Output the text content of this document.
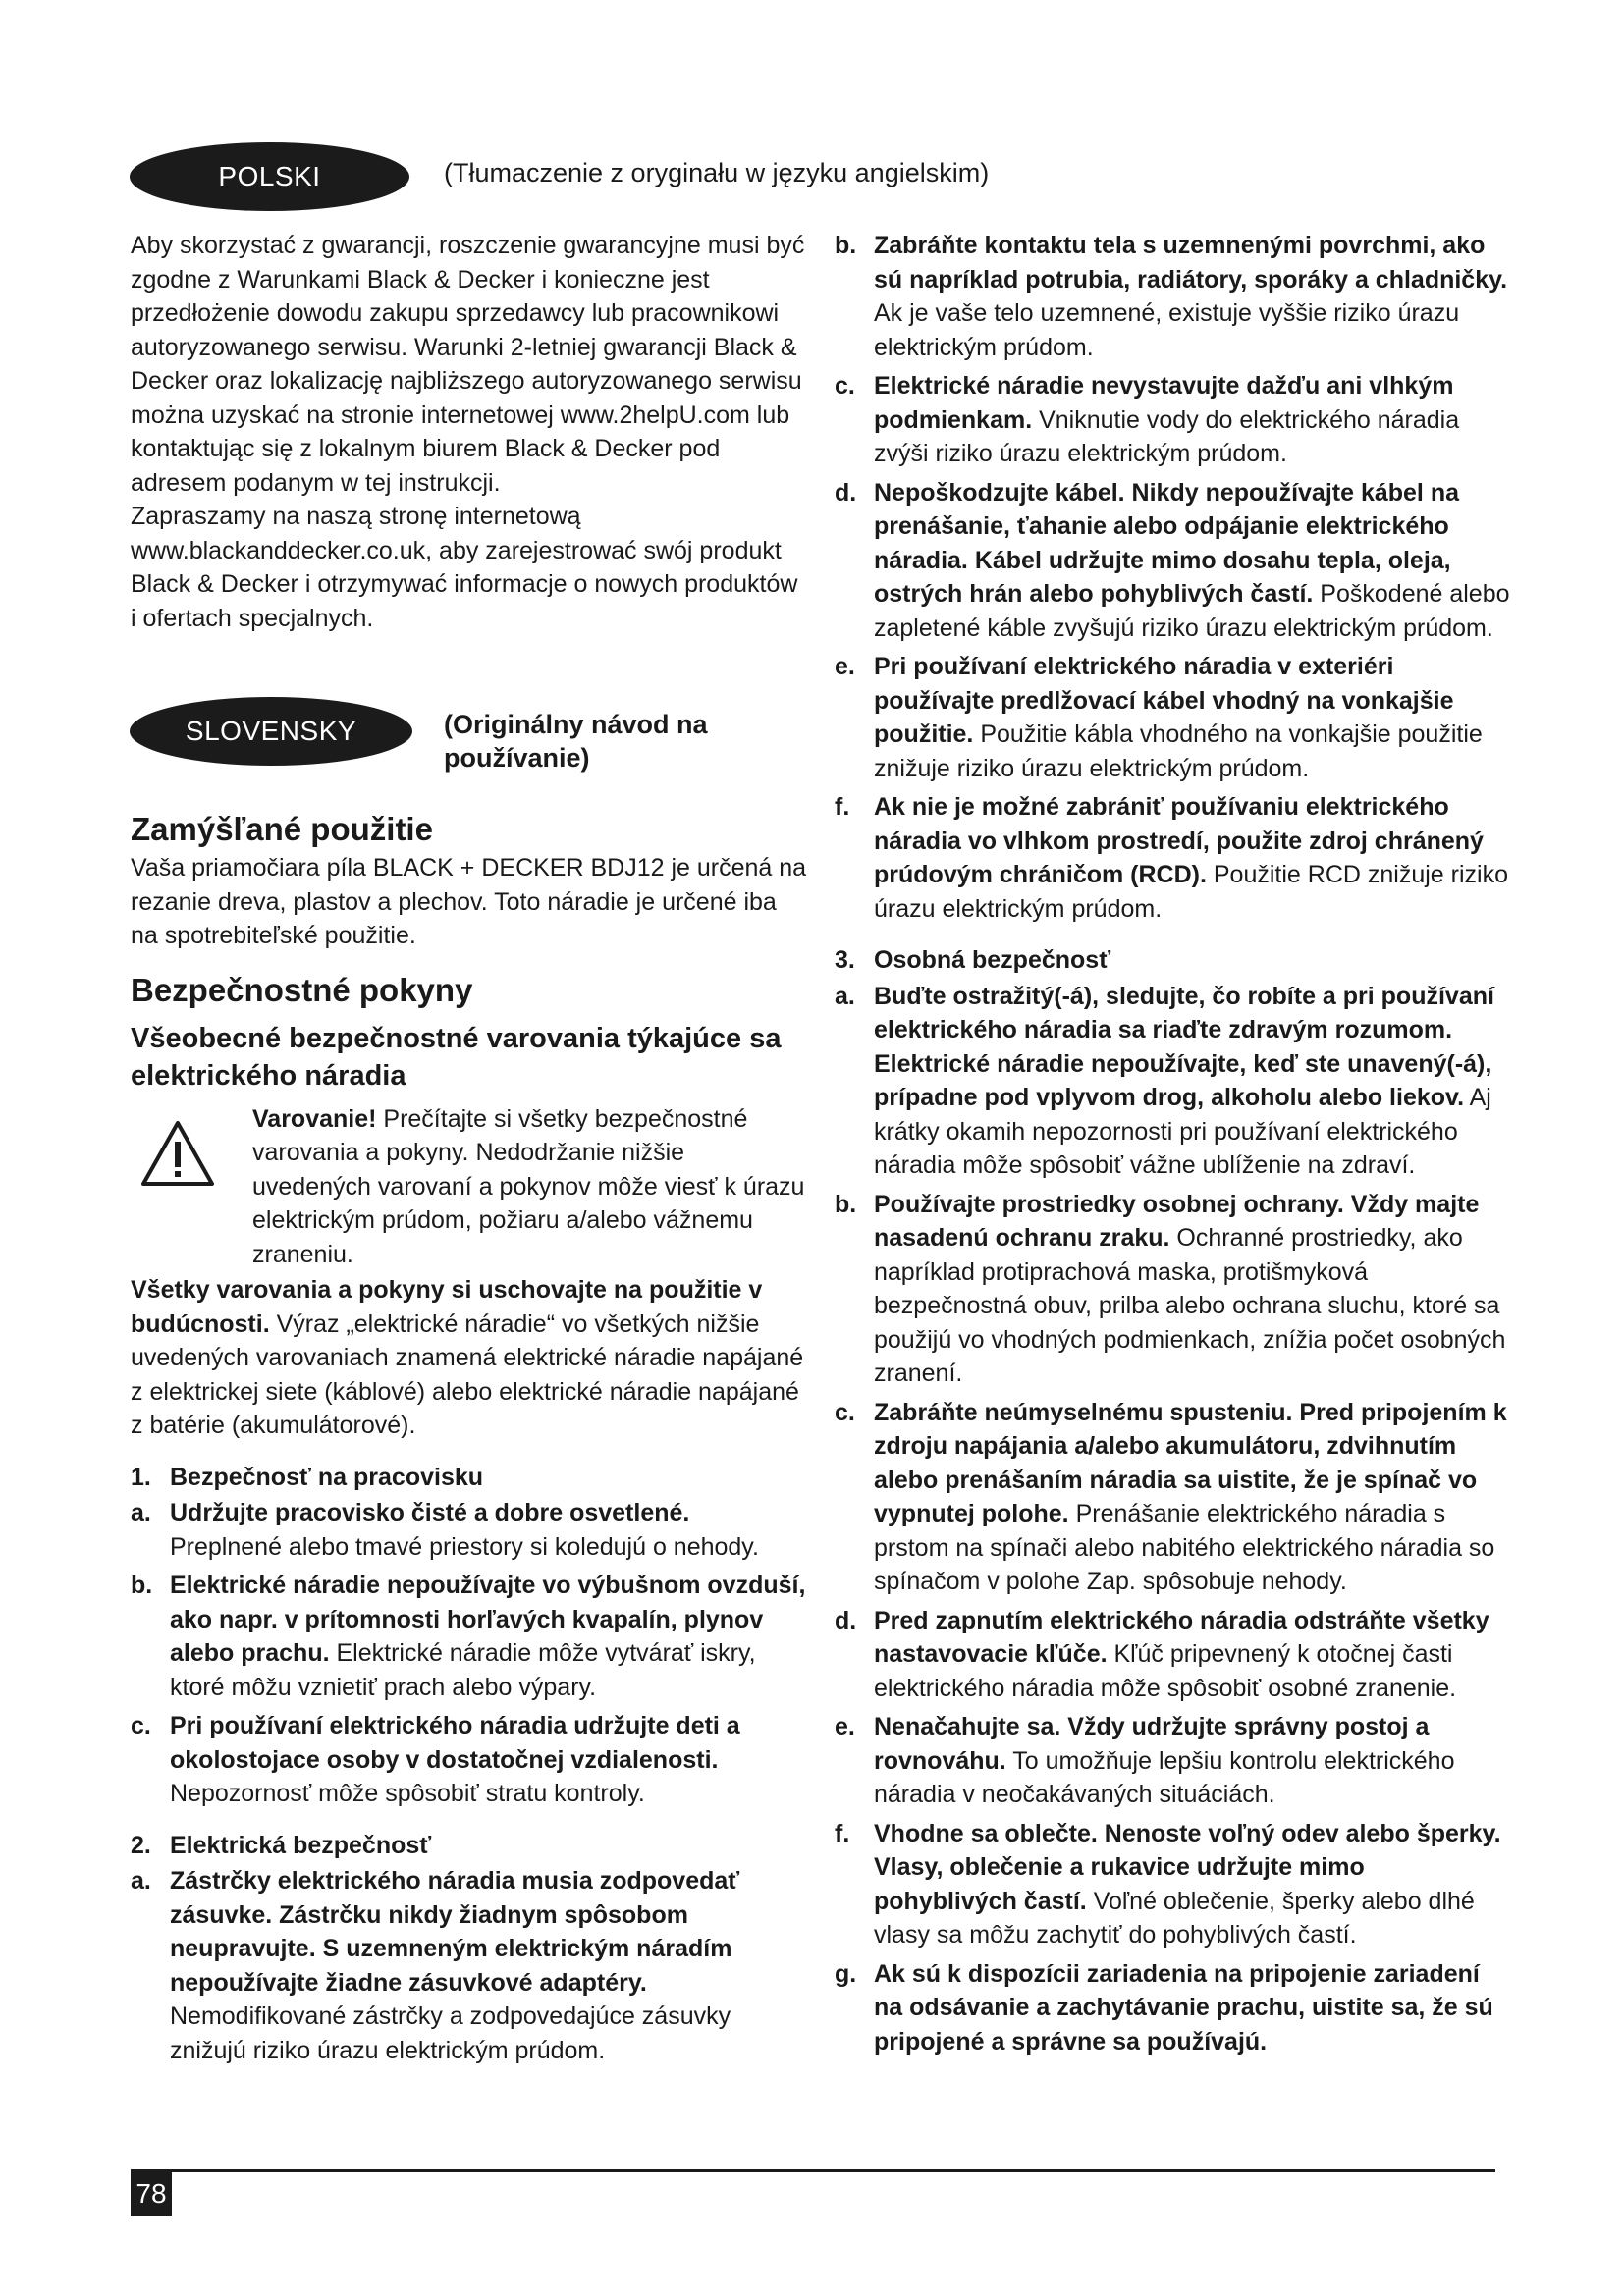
POLSKI	(Tłumaczenie z oryginału w języku angielskim)
SLOVENSKY	(Originálny návod na používanie)

Aby skorzystać z gwarancji, roszczenie gwarancyjne musi być zgodne z Warunkami Black & Decker i konieczne jest przedłożenie dowodu zakupu sprzedawcy lub pracownikowi autoryzowanego serwisu. Warunki 2-letniej gwarancji Black & Decker oraz lokalizację najbliższego autoryzowanego serwisu można uzyskać na stronie internetowej www.2helpU.com lub kontaktując się z lokalnym biurem Black & Decker pod adresem podanym w tej instrukcji.

Zapraszamy na naszą stronę internetową www.blackanddecker.co.uk, aby zarejestrować swój produkt Black & Decker i otrzymywać informacje o nowych produktów i ofertach specjalnych.

Zamýšľané použitie

Vaša priamočiara píla BLACK + DECKER BDJ12 je určená na rezanie dreva, plastov a plechov. Toto náradie je určené iba na spotrebiteľské použitie.

Bezpečnostné pokyny
Všeobecné bezpečnostné varovania týkajúce sa elektrického náradia

Varovanie! Prečítajte si všetky bezpečnostné varovania a pokyny. Nedodržanie nižšie uvedených varovaní a pokynov môže viesť k úrazu elektrickým prúdom, požiaru a/alebo vážnemu zraneniu.

Všetky varovania a pokyny si uschovajte na použitie v budúcnosti. Výraz „elektrické náradie“ vo všetkých nižšie uvedených varovaniach znamená elektrické náradie napájané z elektrickej siete (káblové) alebo elektrické náradie napájané z batérie (akumulátorové).

1. Bezpečnosť na pracovisku
a. Udržujte pracovisko čisté a dobre osvetlené. Preplnené alebo tmavé priestory si koledujú o nehody.
b. Elektrické náradie nepoužívajte vo výbušnom ovzduší, ako napr. v prítomnosti horľavých kvapalín, plynov alebo prachu. Elektrické náradie môže vytvárať iskry, ktoré môžu vznietiť prach alebo výpary.
c. Pri používaní elektrického náradia udržujte deti a okolostojace osoby v dostatočnej vzdialenosti. Nepozornosť môže spôsobiť stratu kontroly.
2. Elektrická bezpečnosť
a. Zástrčky elektrického náradia musia zodpovedať zásuvke. Zástrčku nikdy žiadnym spôsobom neupravujte. S uzemneným elektrickým náradím nepoužívajte žiadne zásuvkové adaptéry. Nemodifikované zástrčky a zodpovedajúce zásuvky znižujú riziko úrazu elektrickým prúdom.
b. Zabráňte kontaktu tela s uzemnenými povrchmi, ako sú napríklad potrubia, radiátory, sporáky a chladničky. Ak je vaše telo uzemnené, existuje vyššie riziko úrazu elektrickým prúdom.
c. Elektrické náradie nevystavujte dažďu ani vlhkým podmienkam. Vniknutie vody do elektrického náradia zvýši riziko úrazu elektrickým prúdom.
d. Nepoškodzujte kábel. Nikdy nepoužívajte kábel na prenášanie, ťahanie alebo odpájanie elektrického náradia. Kábel udržujte mimo dosahu tepla, oleja, ostrých hrán alebo pohyblivých častí. Poškodené alebo zapletené káble zvyšujú riziko úrazu elektrickým prúdom.
e. Pri používaní elektrického náradia v exteriéri používajte predlžovací kábel vhodný na vonkajšie použitie. Použitie kábla vhodného na vonkajšie použitie znižuje riziko úrazu elektrickým prúdom.
f. Ak nie je možné zabrániť používaniu elektrického náradia vo vlhkom prostredí, použite zdroj chránený prúdovým chráničom (RCD). Použitie RCD znižuje riziko úrazu elektrickým prúdom.
3. Osobná bezpečnosť
a. Buďte ostražitý(-á), sledujte, čo robíte a pri používaní elektrického náradia sa riaďte zdravým rozumom. Elektrické náradie nepoužívajte, keď ste unavený(-á), prípadne pod vplyvom drog, alkoholu alebo liekov. Aj krátky okamih nepozornosti pri používaní elektrického náradia môže spôsobiť vážne ublíženie na zdraví.
b. Používajte prostriedky osobnej ochrany. Vždy majte nasadenú ochranu zraku. Ochranné prostriedky, ako napríklad protiprachová maska, protišmyková bezpečnostná obuv, prilba alebo ochrana sluchu, ktoré sa použijú vo vhodných podmienkach, znížia počet osobných zranení.
c. Zabráňte neúmyselnému spusteniu. Pred pripojením k zdroju napájania a/alebo akumulátoru, zdvihnutím alebo prenášaním náradia sa uistite, že je spínač vo vypnutej polohe. Prenášanie elektrického náradia s prstom na spínači alebo nabitého elektrického náradia so spínačom v polohe Zap. spôsobuje nehody.
d. Pred zapnutím elektrického náradia odstráňte všetky nastavovacie kľúče. Kľúč pripevnený k otočnej časti elektrického náradia môže spôsobiť osobné zranenie.
e. Nenačahujte sa. Vždy udržujte správny postoj a rovnováhu. To umožňuje lepšiu kontrolu elektrického náradia v neočakávaných situáciách.
f. Vhodne sa oblečte. Nenoste voľný odev alebo šperky. Vlasy, oblečenie a rukavice udržujte mimo pohyblivých častí. Voľné oblečenie, šperky alebo dlhé vlasy sa môžu zachytiť do pohyblivých častí.
g. Ak sú k dispozícii zariadenia na pripojenie zariadení na odsávanie a zachytávanie prachu, uistite sa, že sú pripojené a správne sa používajú.
78
